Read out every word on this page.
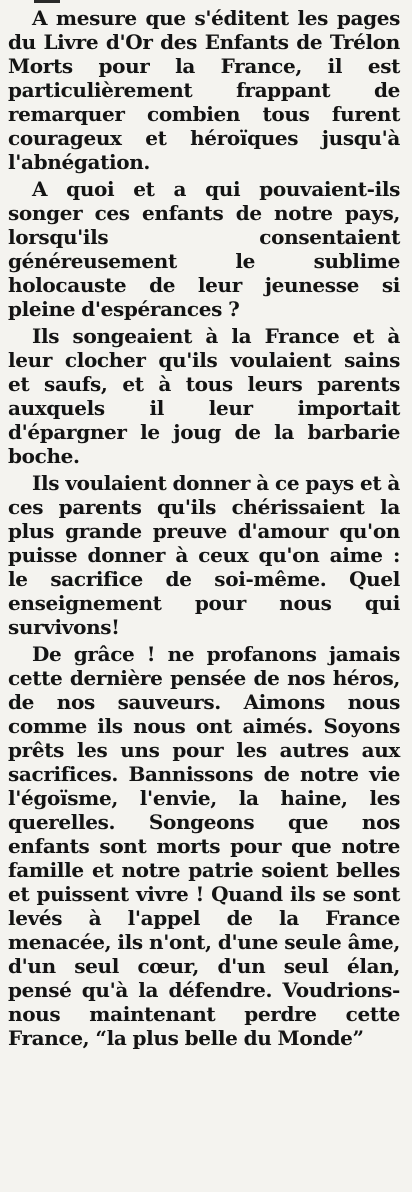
A mesure que s'éditent les pages du Livre d'Or des Enfants de Trélon Morts pour la France, il est particulièrement frappant de remarquer combien tous furent courageux et héroïques jusqu'à l'abnégation.

A quoi et a qui pouvaient-ils songer ces enfants de notre pays, lorsqu'ils consentaient généreusement le sublime holocauste de leur jeunesse si pleine d'espérances ?

Ils songeaient à la France et à leur clocher qu'ils voulaient sains et saufs, et à tous leurs parents auxquels il leur importait d'épargner le joug de la barbarie boche.

Ils voulaient donner à ce pays et à ces parents qu'ils chérissaient la plus grande preuve d'amour qu'on puisse donner à ceux qu'on aime : le sacrifice de soi-même. Quel enseignement pour nous qui survivons!

De grâce ! ne profanons jamais cette dernière pensée de nos héros, de nos sauveurs. Aimons nous comme ils nous ont aimés. Soyons prêts les uns pour les autres aux sacrifices. Bannissons de notre vie l'égoïsme, l'envie, la haine, les querelles. Songeons que nos enfants sont morts pour que notre famille et notre patrie soient belles et puissent vivre ! Quand ils se sont levés à l'appel de la France menacée, ils n'ont, d'une seule âme, d'un seul cœur, d'un seul élan, pensé qu'à la défendre. Voudrions-nous maintenant perdre cette France, “la plus belle du Monde”
